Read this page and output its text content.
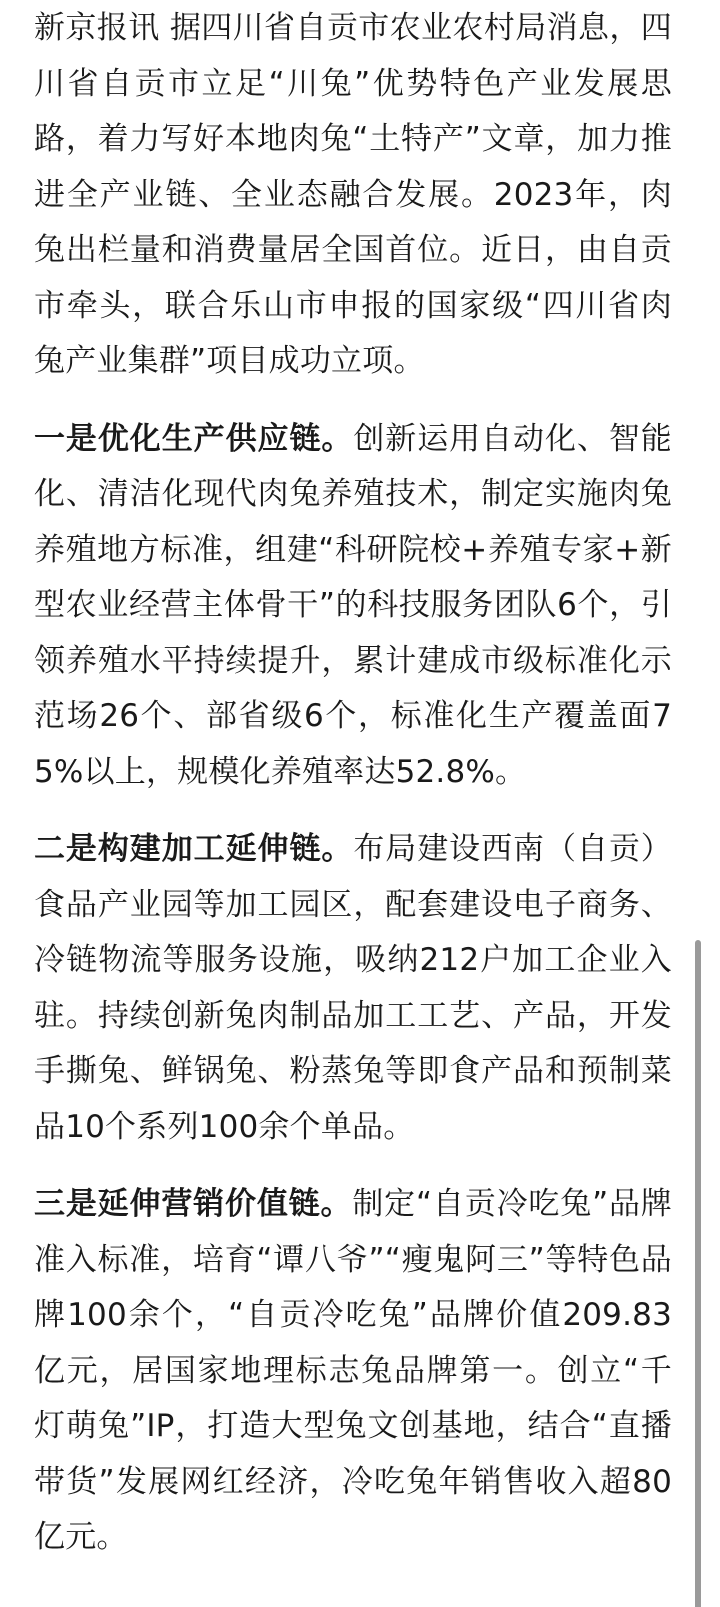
新京报讯 据四川省自贡市农业农村局消息，四川省自贡市立足“川兔”优势特色产业发展思路，着力写好本地肉兔“土特产”文章，加力推进全产业链、全业态融合发展。2023年，肉兔出栏量和消费量居全国首位。近日，由自贡市牵头，联合乐山市申报的国家级“四川省肉兔产业集群”项目成功立项。

一是优化生产供应链。创新运用自动化、智能化、清洁化现代肉兔养殖技术，制定实施肉兔养殖地方标准，组建“科研院校+养殖专家+新型农业经营主体骨干”的科技服务团队6个，引领养殖水平持续提升，累计建成市级标准化示范场26个、部省级6个，标准化生产覆盖面75%以上，规模化养殖率达52.8%。

二是构建加工延伸链。布局建设西南（自贡）食品产业园等加工园区，配套建设电子商务、冷链物流等服务设施，吸纳212户加工企业入驻。持续创新兔肉制品加工工艺、产品，开发手撕兔、鲜锅兔、粉蒸兔等即食产品和预制菜品10个系列100余个单品。

三是延伸营销价值链。制定“自贡冷吃兔”品牌准入标准，培育“谭八爷”“瘦鬼阿三”等特色品牌100余个，“自贡冷吃兔”品牌价值209.83亿元，居国家地理标志兔品牌第一。创立“千灯萌兔”IP，打造大型兔文创基地，结合“直播带货”发展网红经济，冷吃兔年销售收入超80亿元。
